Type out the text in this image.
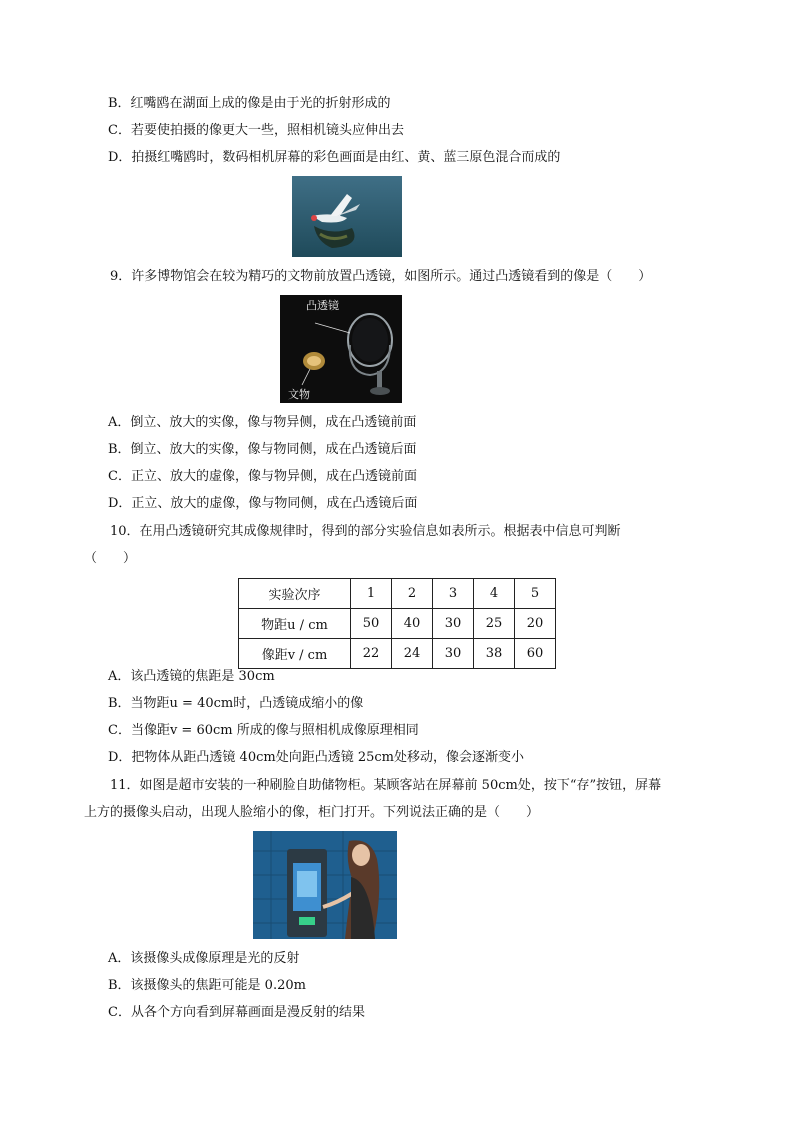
B．红嘴鸥在湖面上成的像是由于光的折射形成的
C．若要使拍摄的像更大一些，照相机镜头应伸出去
D．拍摄红嘴鸥时，数码相机屏幕的彩色画面是由红、黄、蓝三原色混合而成的
9．许多博物馆会在较为精巧的文物前放置凸透镜，如图所示。通过凸透镜看到的像是（　　）
凸透镜
文物
A．倒立、放大的实像，像与物异侧，成在凸透镜前面
B．倒立、放大的实像，像与物同侧，成在凸透镜后面
C．正立、放大的虚像，像与物异侧，成在凸透镜前面
D．正立、放大的虚像，像与物同侧，成在凸透镜后面
10．在用凸透镜研究其成像规律时，得到的部分实验信息如表所示。根据表中信息可判断
（　　）
实验次序	1	2	3	4	5
物距u / cm	50	40	30	25	20
像距v / cm	22	24	30	38	60
A．该凸透镜的焦距是 30cm
B．当物距u = 40cm时，凸透镜成缩小的像
C．当像距v = 60cm 所成的像与照相机成像原理相同
D．把物体从距凸透镜 40cm处向距凸透镜 25cm处移动，像会逐渐变小
11．如图是超市安装的一种刷脸自助储物柜。某顾客站在屏幕前 50cm处，按下“存”按钮，屏幕
上方的摄像头启动，出现人脸缩小的像，柜门打开。下列说法正确的是（　　）
A．该摄像头成像原理是光的反射
B．该摄像头的焦距可能是 0.20m
C．从各个方向看到屏幕画面是漫反射的结果
